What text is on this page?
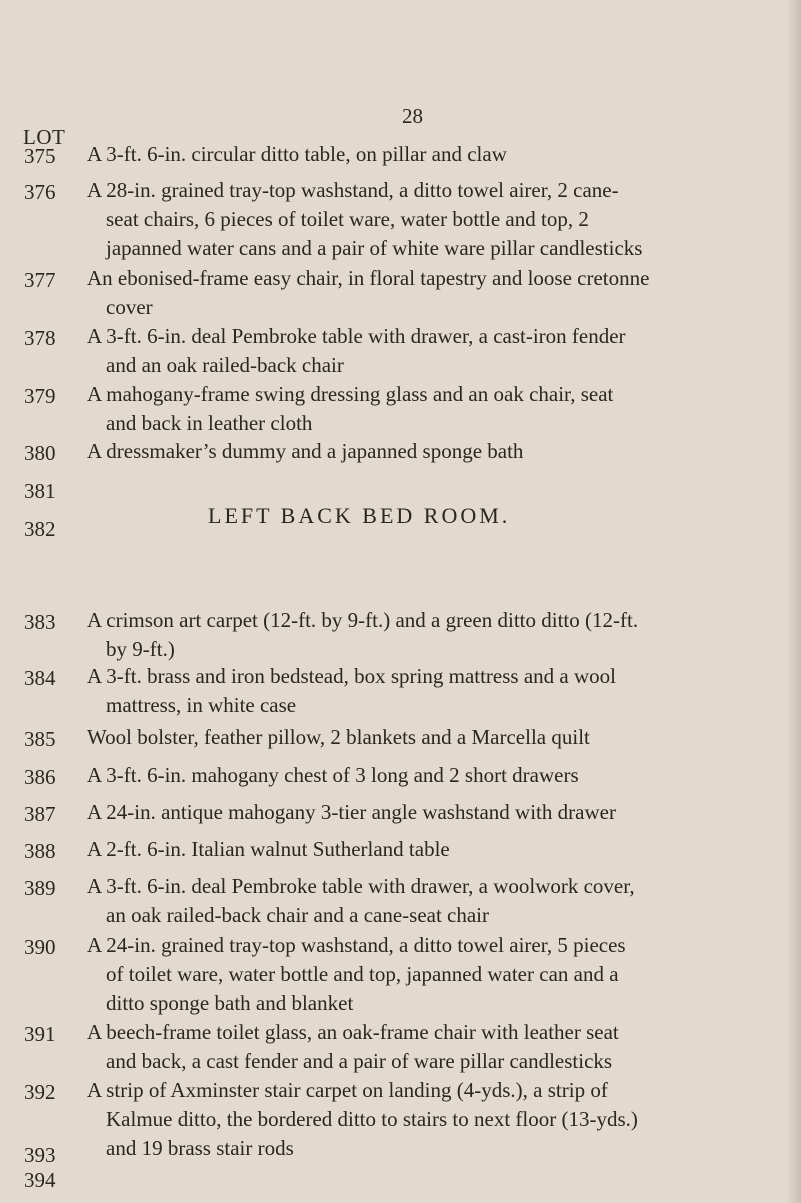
28
LOT
375
376
377
378
379
380
381
382
383
384
385
386
387
388
389
390
391
392
393
394
A 3-ft. 6-in. circular ditto table, on pillar and claw
A 28-in. grained tray-top washstand, a ditto towel airer, 2 cane-
seat chairs, 6 pieces of toilet ware, water bottle and top, 2
japanned water cans and a pair of white ware pillar candlesticks
An ebonised-frame easy chair, in floral tapestry and loose cretonne
cover
A 3-ft. 6-in. deal Pembroke table with drawer, a cast-iron fender
and an oak railed-back chair
A mahogany-frame swing dressing glass and an oak chair, seat
and back in leather cloth
A dressmaker’s dummy and a japanned sponge bath
LEFT BACK BED ROOM.
A crimson art carpet (12-ft. by 9-ft.) and a green ditto ditto (12-ft.
by 9-ft.)
A 3-ft. brass and iron bedstead, box spring mattress and a wool
mattress, in white case
Wool bolster, feather pillow, 2 blankets and a Marcella quilt
A 3-ft. 6-in. mahogany chest of 3 long and 2 short drawers
A 24-in. antique mahogany 3-tier angle washstand with drawer
A 2-ft. 6-in. Italian walnut Sutherland table
A 3-ft. 6-in. deal Pembroke table with drawer, a woolwork cover,
an oak railed-back chair and a cane-seat chair
A 24-in. grained tray-top washstand, a ditto towel airer, 5 pieces
of toilet ware, water bottle and top, japanned water can and a
ditto sponge bath and blanket
A beech-frame toilet glass, an oak-frame chair with leather seat
and back, a cast fender and a pair of ware pillar candlesticks
A strip of Axminster stair carpet on landing (4-yds.), a strip of
Kalmue ditto, the bordered ditto to stairs to next floor (13-yds.)
and 19 brass stair rods
